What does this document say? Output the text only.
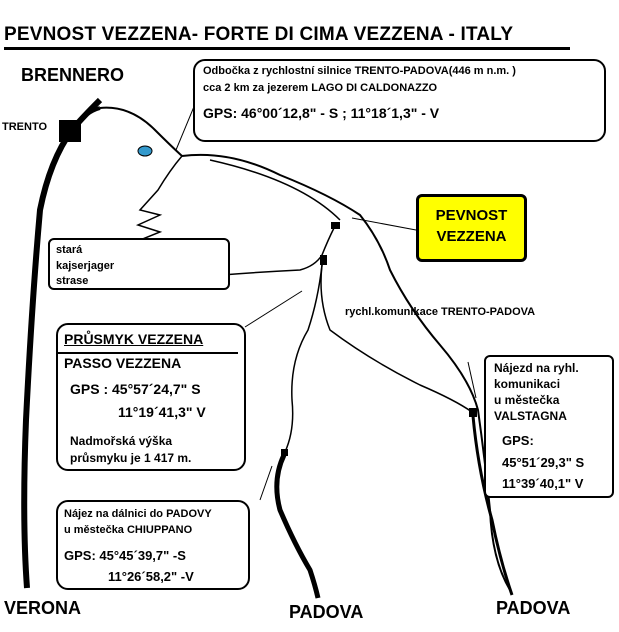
PEVNOST VEZZENA- FORTE DI CIMA VEZZENA - ITALY
BRENNERO
TRENTO
VERONA	PADOVA	PADOVA
Odbočka z rychlostní silnice TRENTO-PADOVA(446 m n.m. )
cca 2 km za jezerem LAGO DI CALDONAZZO
GPS: 46°00´12,8" - S ; 11°18´1,3" - V
PEVNOST
VEZZENA
stará
kajserjager
strase
rychl.komunikace TRENTO-PADOVA
PRŮSMYK VEZZENA
PASSO VEZZENA
GPS : 45°57´24,7" S
11°19´41,3" V
Nadmořská výška
průsmyku je 1 417 m.
Nájezd na ryhl.
komunikaci
u městečka
VALSTAGNA
GPS:
45°51´29,3" S
11°39´40,1" V
Nájez na dálnici do PADOVY
u městečka CHIUPPANO
GPS: 45°45´39,7" -S
11°26´58,2" -V
